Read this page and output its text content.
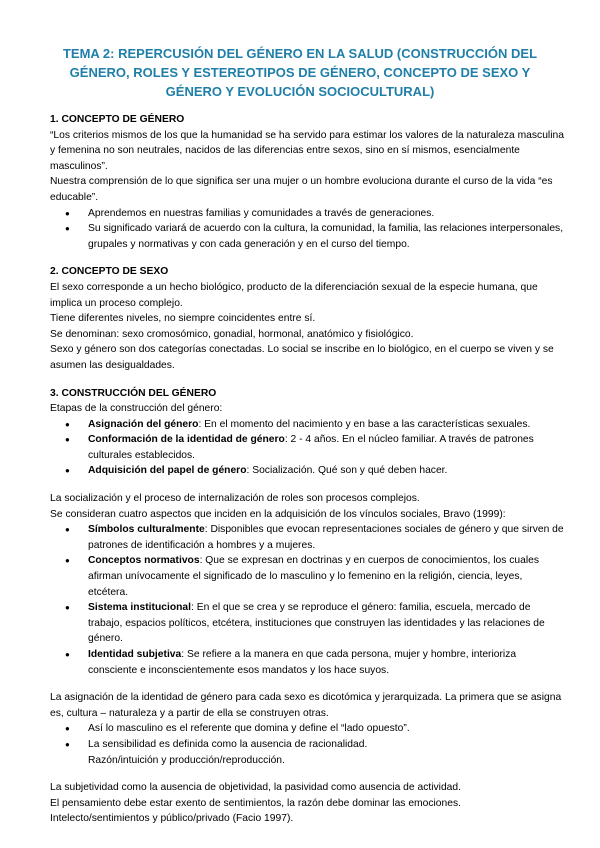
TEMA 2: REPERCUSIÓN DEL GÉNERO EN LA SALUD (CONSTRUCCIÓN DEL GÉNERO, ROLES Y ESTEREOTIPOS DE GÉNERO, CONCEPTO DE SEXO Y GÉNERO Y EVOLUCIÓN SOCIOCULTURAL)

1. CONCEPTO DE GÉNERO

“Los criterios mismos de los que la humanidad se ha servido para estimar los valores de la naturaleza masculina y femenina no son neutrales, nacidos de las diferencias entre sexos, sino en sí mismos, esencialmente masculinos”.

Nuestra comprensión de lo que significa ser una mujer o un hombre evoluciona durante el curso de la vida “es educable”.

● Aprendemos en nuestras familias y comunidades a través de generaciones.
● Su significado variará de acuerdo con la cultura, la comunidad, la familia, las relaciones interpersonales, grupales y normativas y con cada generación y en el curso del tiempo.

2. CONCEPTO DE SEXO

El sexo corresponde a un hecho biológico, producto de la diferenciación sexual de la especie humana, que implica un proceso complejo.

Tiene diferentes niveles, no siempre coincidentes entre sí.

Se denominan: sexo cromosómico, gonadial, hormonal, anatómico y fisiológico.

Sexo y género son dos categorías conectadas. Lo social se inscribe en lo biológico, en el cuerpo se viven y se asumen las desigualdades.

3. CONSTRUCCIÓN DEL GÉNERO

Etapas de la construcción del género:

● Asignación del género: En el momento del nacimiento y en base a las características sexuales.
● Conformación de la identidad de género: 2 - 4 años. En el núcleo familiar. A través de patrones culturales establecidos.
● Adquisición del papel de género: Socialización. Qué son y qué deben hacer.

La socialización y el proceso de internalización de roles son procesos complejos.

Se consideran cuatro aspectos que inciden en la adquisición de los vínculos sociales, Bravo (1999):

● Símbolos culturalmente: Disponibles que evocan representaciones sociales de género y que sirven de patrones de identificación a hombres y a mujeres.
● Conceptos normativos: Que se expresan en doctrinas y en cuerpos de conocimientos, los cuales afirman unívocamente el significado de lo masculino y lo femenino en la religión, ciencia, leyes, etcétera.
● Sistema institucional: En el que se crea y se reproduce el género: familia, escuela, mercado de trabajo, espacios políticos, etcétera, instituciones que construyen las identidades y las relaciones de género.
● Identidad subjetiva: Se refiere a la manera en que cada persona, mujer y hombre, interioriza consciente e inconscientemente esos mandatos y los hace suyos.

La asignación de la identidad de género para cada sexo es dicotómica y jerarquizada. La primera que se asigna es, cultura – naturaleza y a partir de ella se construyen otras.

● Así lo masculino es el referente que domina y define el “lado opuesto”.
● La sensibilidad es definida como la ausencia de racionalidad.
Razón/intuición y producción/reproducción.

La subjetividad como la ausencia de objetividad, la pasividad como ausencia de actividad.

El pensamiento debe estar exento de sentimientos, la razón debe dominar las emociones.

Intelecto/sentimientos y público/privado (Facio 1997).
